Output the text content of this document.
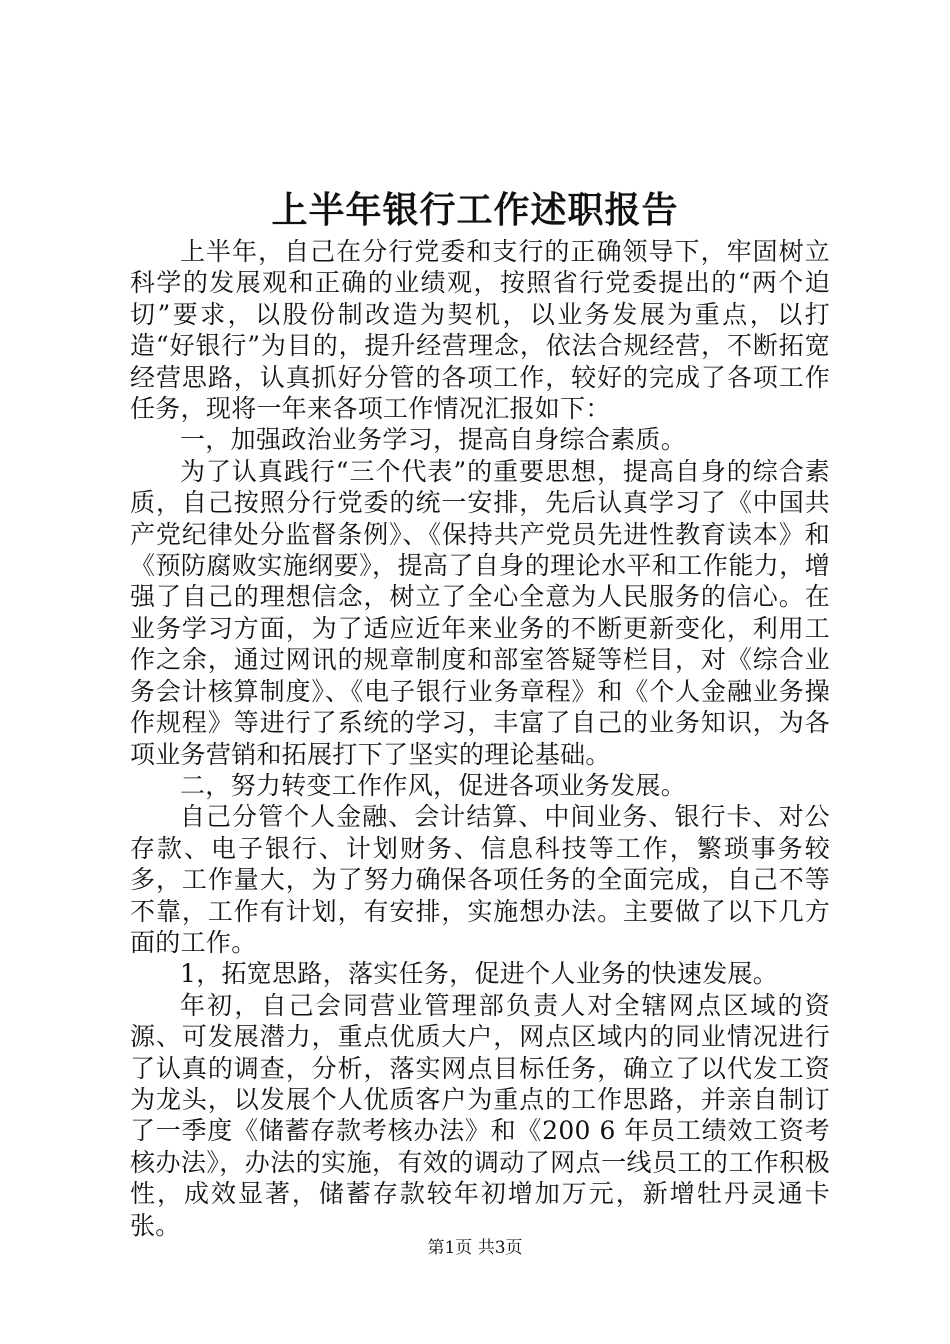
上半年银行工作述职报告

上半年，自己在分行党委和支行的正确领导下，牢固树立科学的发展观和正确的业绩观，按照省行党委提出的“两个迫切”要求，以股份制改造为契机，以业务发展为重点，以打造“好银行”为目的，提升经营理念，依法合规经营，不断拓宽经营思路，认真抓好分管的各项工作，较好的完成了各项工作任务，现将一年来各项工作情况汇报如下：

一，加强政治业务学习，提高自身综合素质。

为了认真践行“三个代表”的重要思想，提高自身的综合素质，自己按照分行党委的统一安排，先后认真学习了《中国共产党纪律处分监督条例》、《保持共产党员先进性教育读本》和《预防腐败实施纲要》，提高了自身的理论水平和工作能力，增强了自己的理想信念，树立了全心全意为人民服务的信心。在业务学习方面，为了适应近年来业务的不断更新变化，利用工作之余，通过网讯的规章制度和部室答疑等栏目，对《综合业务会计核算制度》、《电子银行业务章程》和《个人金融业务操作规程》等进行了系统的学习，丰富了自己的业务知识，为各项业务营销和拓展打下了坚实的理论基础。

二，努力转变工作作风，促进各项业务发展。

自己分管个人金融、会计结算、中间业务、银行卡、对公存款、电子银行、计划财务、信息科技等工作，繁琐事务较多，工作量大，为了努力确保各项任务的全面完成，自己不等不靠，工作有计划，有安排，实施想办法。主要做了以下几方面的工作。

1，拓宽思路，落实任务，促进个人业务的快速发展。

年初，自己会同营业管理部负责人对全辖网点区域的资源、可发展潜力，重点优质大户，网点区域内的同业情况进行了认真的调查，分析，落实网点目标任务，确立了以代发工资为龙头，以发展个人优质客户为重点的工作思路，并亲自制订了一季度《储蓄存款考核办法》和《200 6 年员工绩效工资考核办法》，办法的实施，有效的调动了网点一线员工的工作积极性，成效显著，储蓄存款较年初增加万元，新增牡丹灵通卡张。

第1页 共3页
